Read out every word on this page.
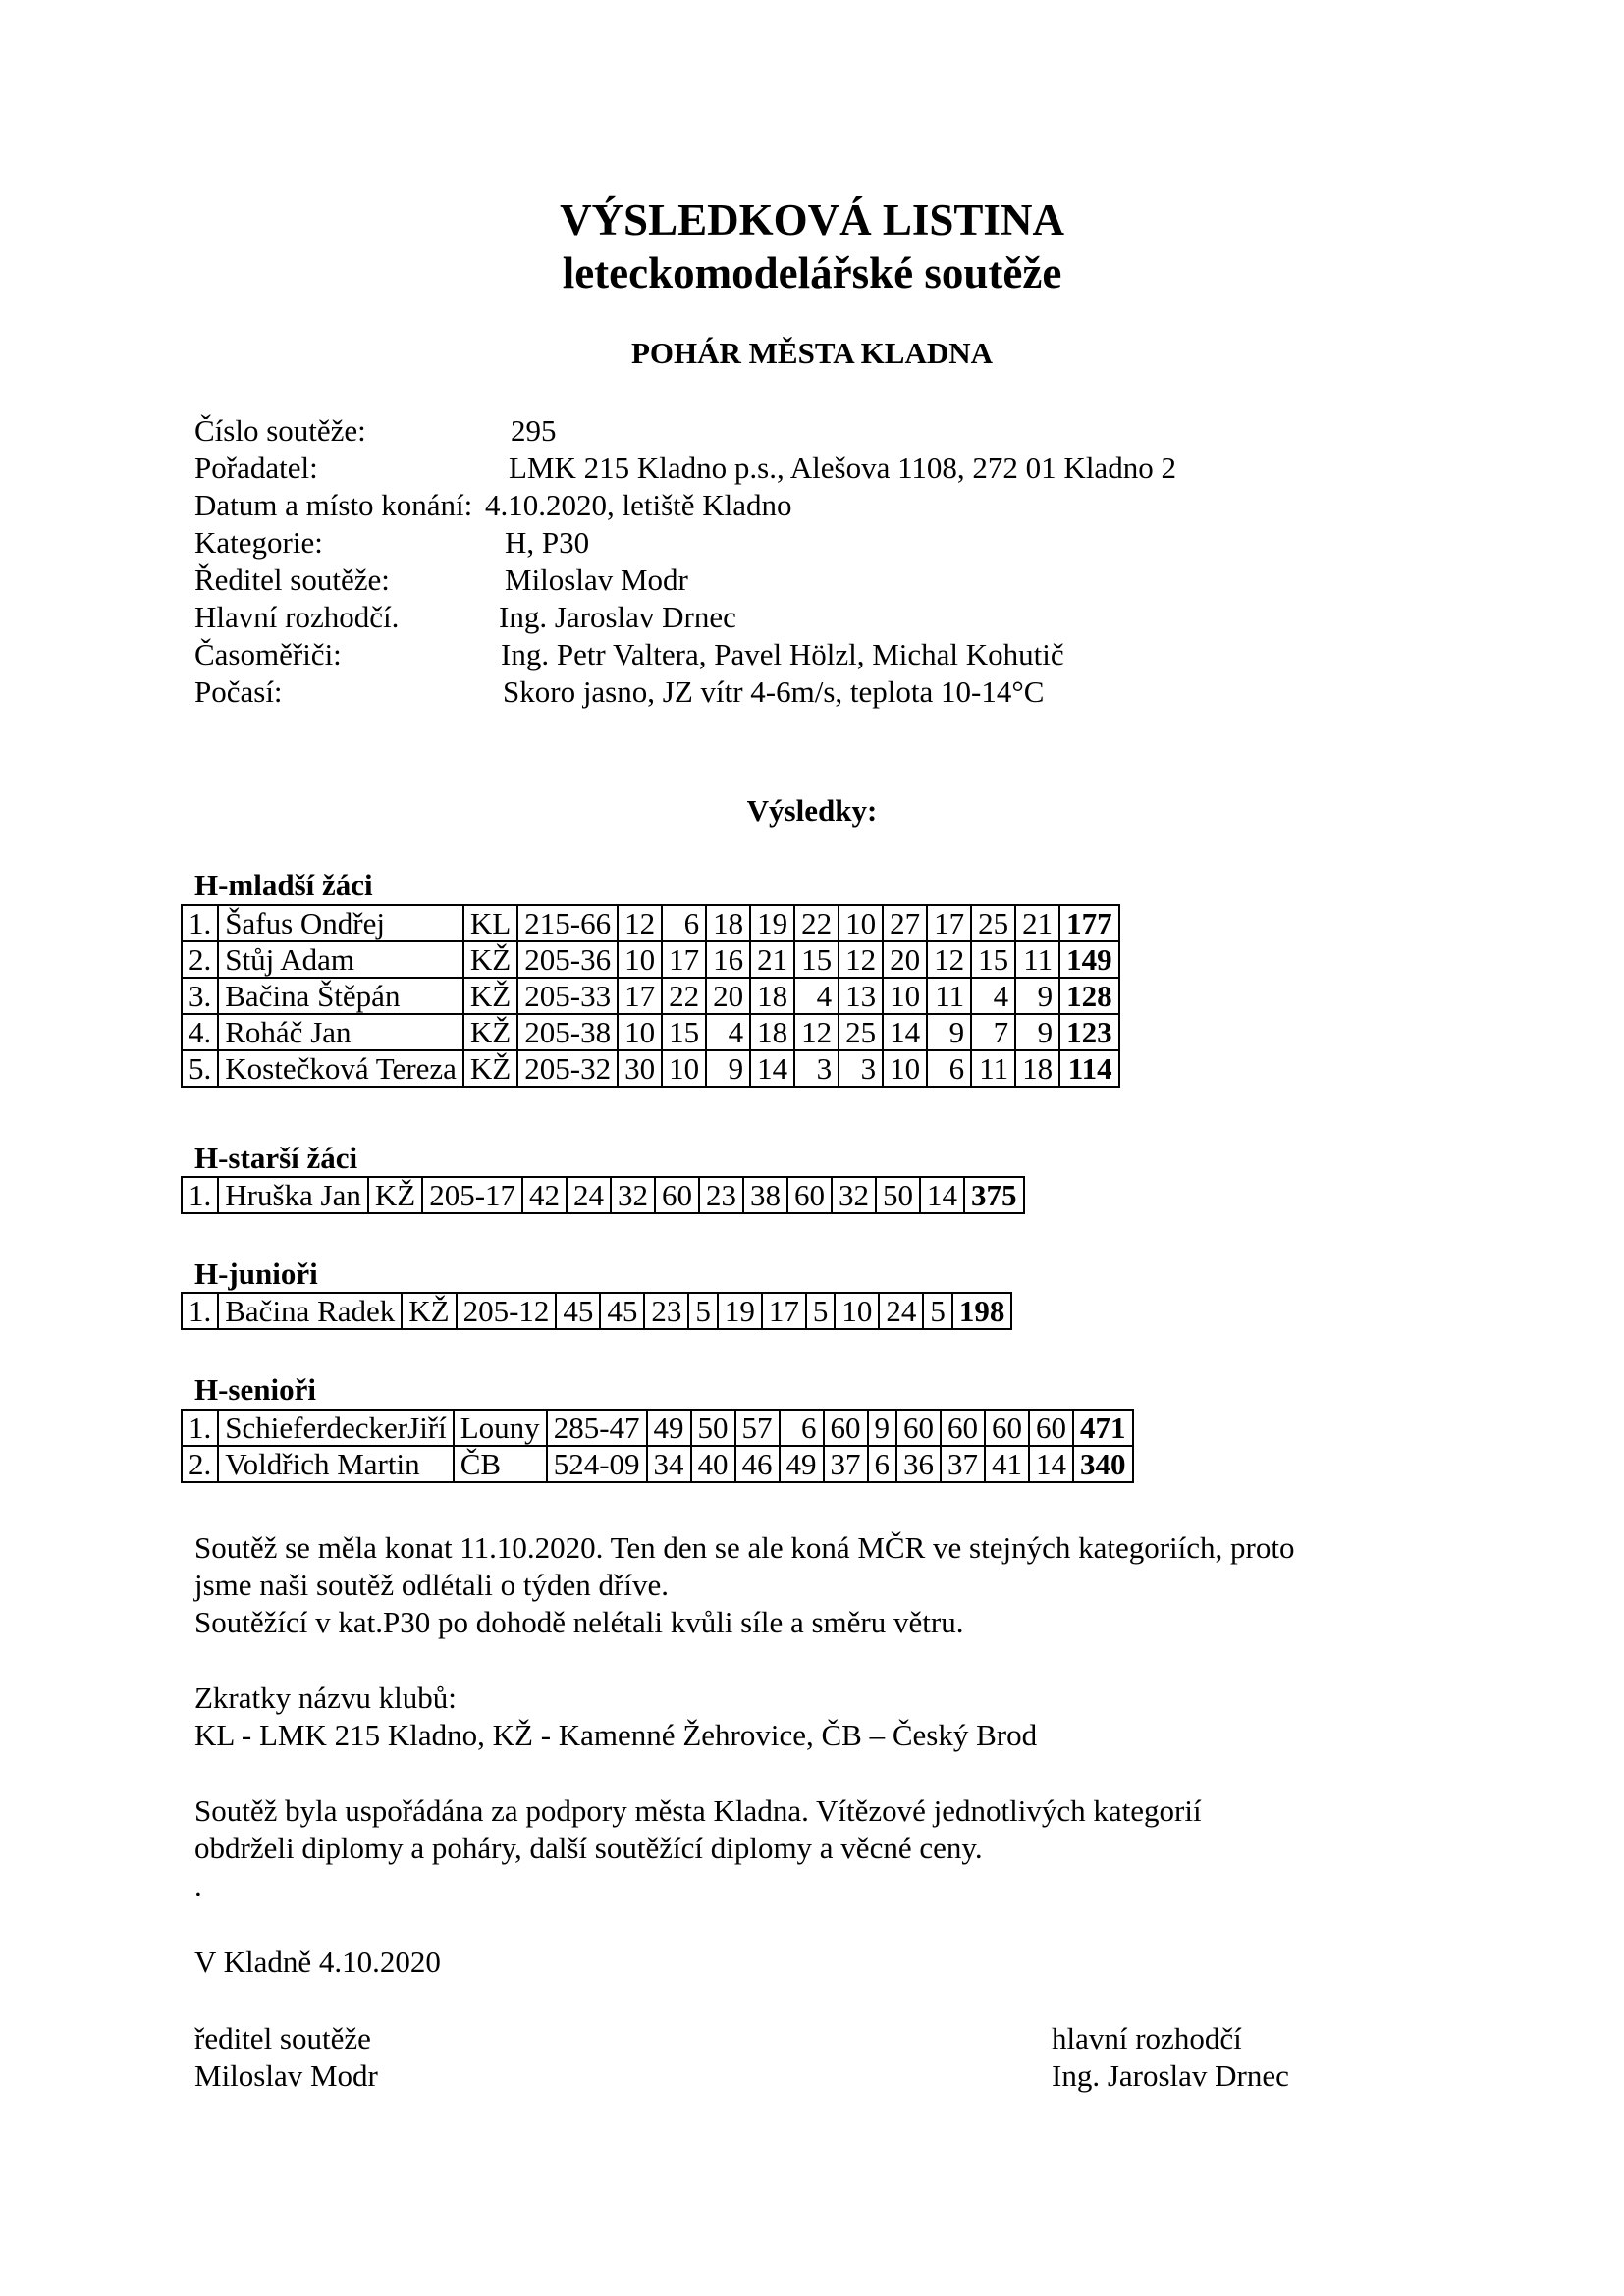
VÝSLEDKOVÁ LISTINA
leteckomodelářské soutěže
POHÁR MĚSTA KLADNA
Číslo soutěže:	295
Pořadatel:	LMK 215 Kladno p.s., Alešova 1108, 272 01 Kladno 2
Datum a místo konání: 4.10.2020, letiště Kladno
Kategorie:	H, P30
Ředitel soutěže:	Miloslav Modr
Hlavní rozhodčí.	Ing. Jaroslav Drnec
Časoměřiči:	Ing. Petr Valtera, Pavel Hölzl, Michal Kohutič
Počasí:	Skoro jasno, JZ vítr 4-6m/s, teplota 10-14°C
Výsledky:
H-mladší žáci
H-starší žáci
H-junioři
H-senioři
1.	Šafus Ondřej	KL	215-66	12	6	18	19	22	10	27	17	25	21	177
2.	Stůj Adam	KŽ	205-36	10	17	16	21	15	12	20	12	15	11	149
3.	Bačina Štěpán	KŽ	205-33	17	22	20	18	4	13	10	11	4	9	128
4.	Roháč Jan	KŽ	205-38	10	15	4	18	12	25	14	9	7	9	123
5.	Kostečková Tereza	KŽ	205-32	30	10	9	14	3	3	10	6	11	18	114
1.	Hruška Jan	KŽ	205-17	42	24	32	60	23	38	60	32	50	14	375
1.	Bačina Radek	KŽ	205-12	45	45	23	5	19	17	5	10	24	5	198
1.	SchieferdeckerJiří	Louny	285-47	49	50	57	6	60	9	60	60	60	60	471
2.	Voldřich Martin	ČB	524-09	34	40	46	49	37	6	36	37	41	14	340
Soutěž se měla konat 11.10.2020. Ten den se ale koná MČR ve stejných kategoriích, proto
jsme naši soutěž odlétali o týden dříve.
Soutěžící v kat.P30 po dohodě nelétali kvůli síle a směru větru.
Zkratky názvu klubů:
KL - LMK 215 Kladno, KŽ - Kamenné Žehrovice, ČB – Český Brod
Soutěž byla uspořádána za podpory města Kladna. Vítězové jednotlivých kategorií
obdrželi diplomy a poháry, další soutěžící diplomy a věcné ceny.
.
V Kladně 4.10.2020
ředitel soutěže
Miloslav Modr
hlavní rozhodčí
Ing. Jaroslav Drnec
